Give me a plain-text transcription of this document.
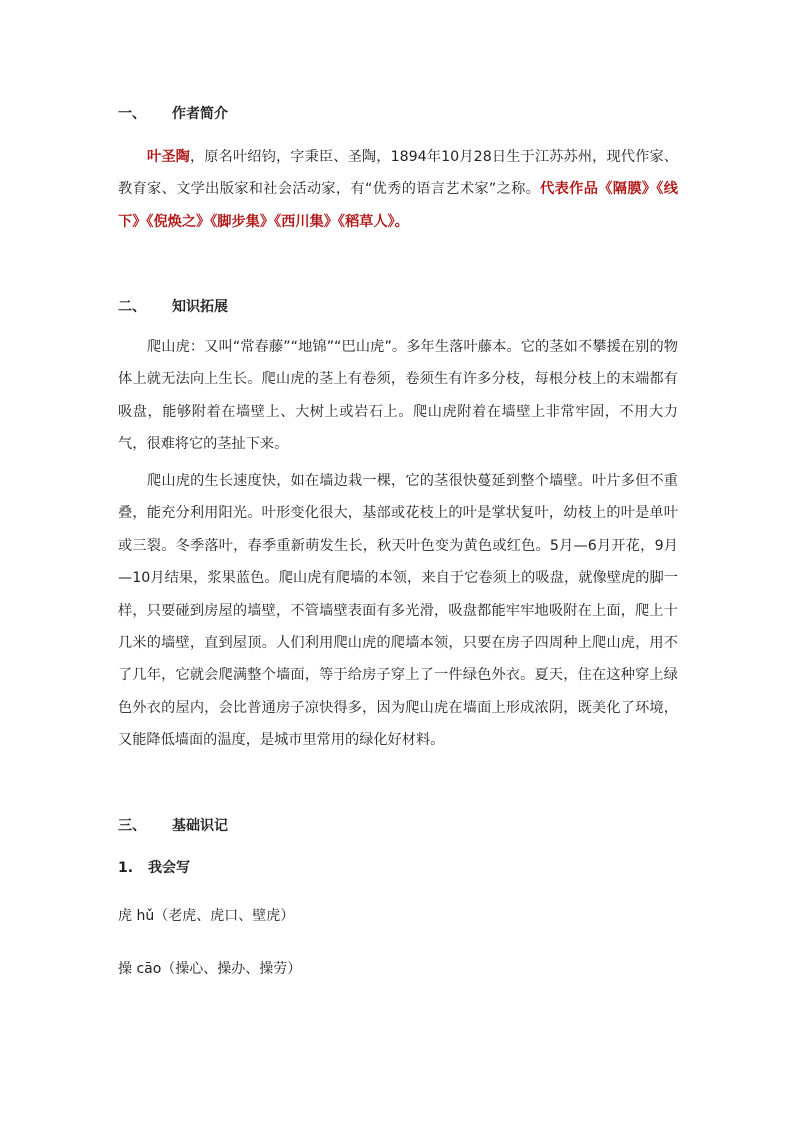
一、 作者简介
叶圣陶，原名叶绍钧，字秉臣、圣陶，1894年10月28日生于江苏苏州，现代作家、教育家、文学出版家和社会活动家，有“优秀的语言艺术家”之称。代表作品《隔膜》《线下》《倪焕之》《脚步集》《西川集》《稻草人》。
二、 知识拓展
爬山虎：又叫“常春藤”“地锦”“巴山虎”。多年生落叶藤本。它的茎如不攀援在别的物体上就无法向上生长。爬山虎的茎上有卷须，卷须生有许多分枝，每根分枝上的末端都有吸盘，能够附着在墙壁上、大树上或岩石上。爬山虎附着在墙壁上非常牢固，不用大力气，很难将它的茎扯下来。
爬山虎的生长速度快，如在墙边栽一棵，它的茎很快蔓延到整个墙壁。叶片多但不重叠，能充分利用阳光。叶形变化很大，基部或花枝上的叶是掌状复叶，幼枝上的叶是单叶或三裂。冬季落叶，春季重新萌发生长，秋天叶色变为黄色或红色。5月—6月开花，9月—10月结果，浆果蓝色。爬山虎有爬墙的本领，来自于它卷须上的吸盘，就像壁虎的脚一样，只要碰到房屋的墙壁，不管墙壁表面有多光滑，吸盘都能牢牢地吸附在上面，爬上十几米的墙壁，直到屋顶。人们利用爬山虎的爬墙本领，只要在房子四周种上爬山虎，用不了几年，它就会爬满整个墙面，等于给房子穿上了一件绿色外衣。夏天，住在这种穿上绿色外衣的屋内，会比普通房子凉快得多，因为爬山虎在墙面上形成浓阴，既美化了环境，又能降低墙面的温度，是城市里常用的绿化好材料。
三、 基础识记
1. 我会写
虎 hǔ（老虎、虎口、壁虎）
操 cāo（操心、操办、操劳）
